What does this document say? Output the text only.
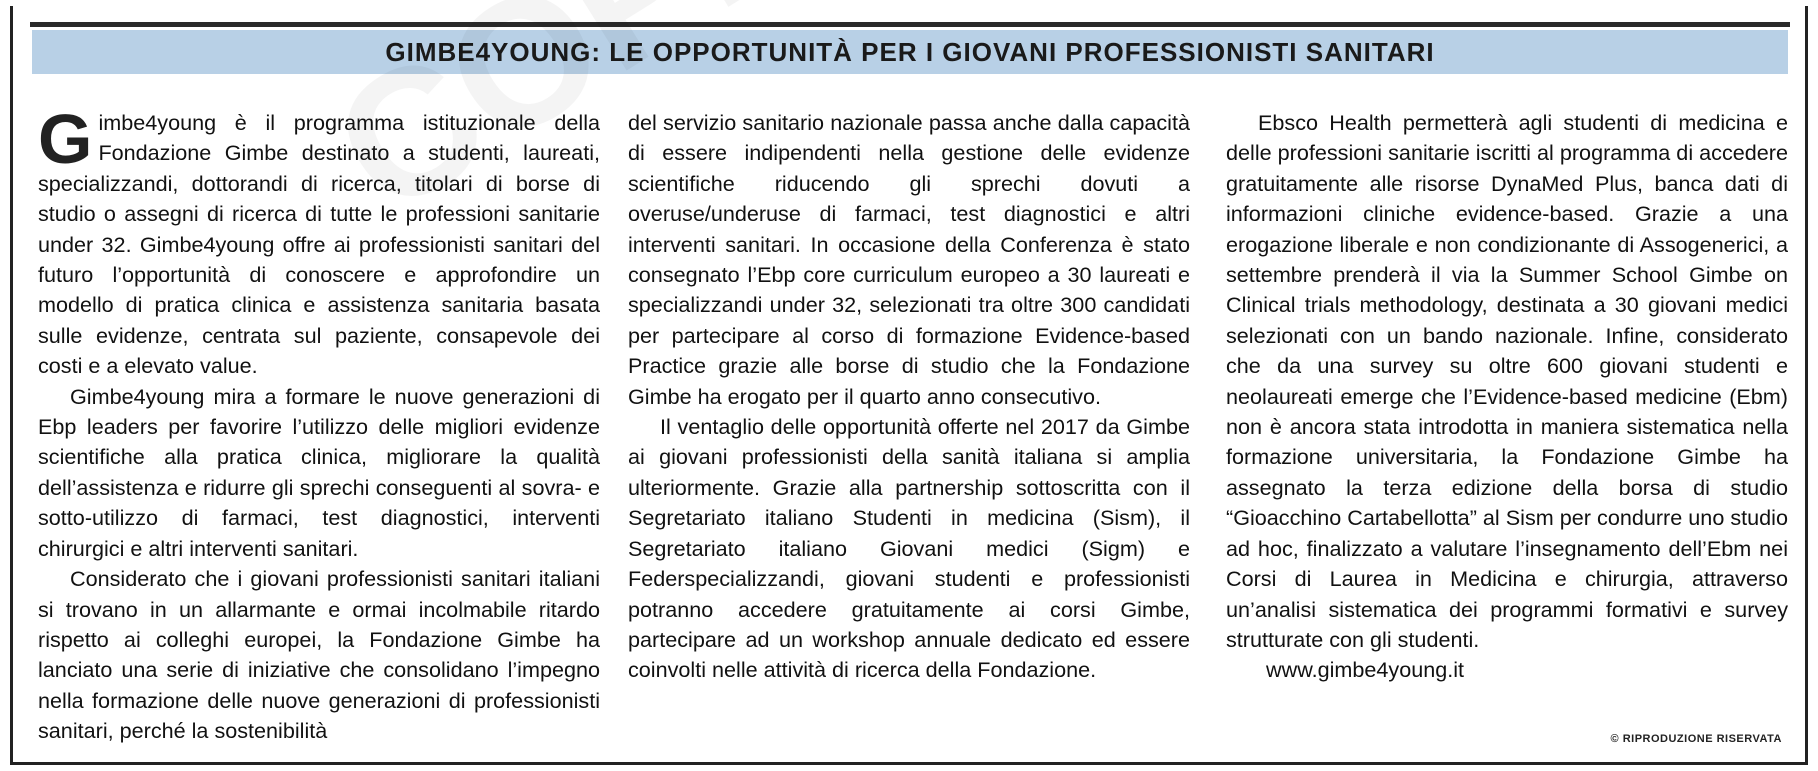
GIMBE4YOUNG: LE OPPORTUNITÀ PER I GIOVANI PROFESSIONISTI SANITARI

Gimbe4young è il programma istituzionale della Fondazione Gimbe destinato a studenti, laureati, specializzandi, dottorandi di ricerca, titolari di borse di studio o assegni di ricerca di tutte le professioni sanitarie under 32. Gimbe4young offre ai professionisti sanitari del futuro l’opportunità di conoscere e approfondire un modello di pratica clinica e assistenza sanitaria basata sulle evidenze, centrata sul paziente, consapevole dei costi e a elevato value.

Gimbe4young mira a formare le nuove generazioni di Ebp leaders per favorire l’utilizzo delle migliori evidenze scientifiche alla pratica clinica, migliorare la qualità dell’assistenza e ridurre gli sprechi conseguenti al sovra- e sotto-utilizzo di farmaci, test diagnostici, interventi chirurgici e altri interventi sanitari.

Considerato che i giovani professionisti sanitari italiani si trovano in un allarmante e ormai incolmabile ritardo rispetto ai colleghi europei, la Fondazione Gimbe ha lanciato una serie di iniziative che consolidano l’impegno nella formazione delle nuove generazioni di professionisti sanitari, perché la sostenibilità

del servizio sanitario nazionale passa anche dalla capacità di essere indipendenti nella gestione delle evidenze scientifiche riducendo gli sprechi dovuti a overuse/underuse di farmaci, test diagnostici e altri interventi sanitari. In occasione della Conferenza è stato consegnato l’Ebp core curriculum europeo a 30 laureati e specializzandi under 32, selezionati tra oltre 300 candidati per partecipare al corso di formazione Evidence-based Practice grazie alle borse di studio che la Fondazione Gimbe ha erogato per il quarto anno consecutivo.

Il ventaglio delle opportunità offerte nel 2017 da Gimbe ai giovani professionisti della sanità italiana si amplia ulteriormente. Grazie alla partnership sottoscritta con il Segretariato italiano Studenti in medicina (Sism), il Segretariato italiano Giovani medici (Sigm) e Federspecializzandi, giovani studenti e professionisti potranno accedere gratuitamente ai corsi Gimbe, partecipare ad un workshop annuale dedicato ed essere coinvolti nelle attività di ricerca della Fondazione.

Ebsco Health permetterà agli studenti di medicina e delle professioni sanitarie iscritti al programma di accedere gratuitamente alle risorse DynaMed Plus, banca dati di informazioni cliniche evidence-based. Grazie a una erogazione liberale e non condizionante di Assogenerici, a settembre prenderà il via la Summer School Gimbe on Clinical trials methodology, destinata a 30 giovani medici selezionati con un bando nazionale. Infine, considerato che da una survey su oltre 600 giovani studenti e neolaureati emerge che l’Evidence-based medicine (Ebm) non è ancora stata introdotta in maniera sistematica nella formazione universitaria, la Fondazione Gimbe ha assegnato la terza edizione della borsa di studio “Gioacchino Cartabellotta” al Sism per condurre uno studio ad hoc, finalizzato a valutare l’insegnamento dell’Ebm nei Corsi di Laurea in Medicina e chirurgia, attraverso un’analisi sistematica dei programmi formativi e survey strutturate con gli studenti.

www.gimbe4young.it
© RIPRODUZIONE RISERVATA
